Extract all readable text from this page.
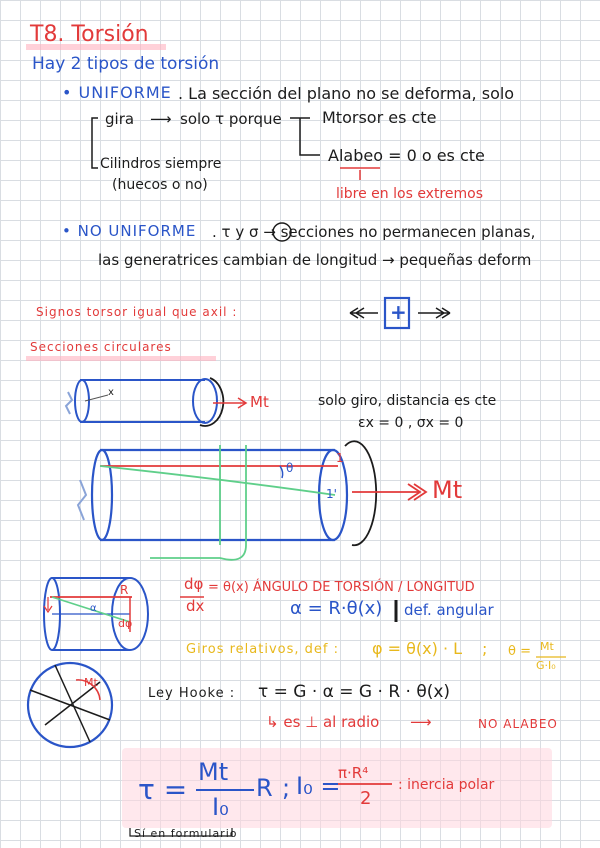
T8. Torsión
Hay 2 tipos de torsión
• UNIFORME . La sección del plano no se deforma, solo
gira ⟶ solo τ porque	Mtorsor es cte
Alabeo = 0 o es cte
libre en los extremos
Cilindros siempre
(huecos o no)
• NO UNIFORME . τ y σ → secciones no permanecen planas,
las generatrices cambian de longitud → pequeñas deform
Signos torsor igual que axil :	+
Secciones circulares
Mt
x
solo giro, distancia es cte
εx = 0 , σx = 0
θ
1
1'	Mt
R
α
dφ
dφ
dx
= θ(x) ÁNGULO DE TORSIÓN / LONGITUD
α = R·θ(x) def. angular
Giros relativos, def : φ = θ(x) · L ; θ = Mt
G·I₀
Mt
Ley Hooke : τ = G · α = G · R · θ(x)
↳ es ⊥ al radio ⟶	NO ALABEO
τ =
Mt
I₀
R ; I₀ =
π·R⁴
2
: inercia polar
Sí en formulario
